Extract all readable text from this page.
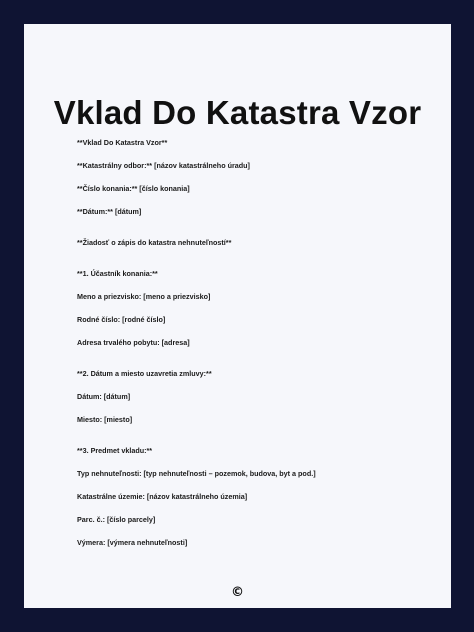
Vklad Do Katastra Vzor
**Vklad Do Katastra Vzor**
**Katastrálny odbor:** [názov katastrálneho úradu]
**Číslo konania:** [číslo konania]
**Dátum:** [dátum]
**Žiadosť o zápis do katastra nehnuteľností**
**1. Účastník konania:**
Meno a priezvisko: [meno a priezvisko]
Rodné číslo: [rodné číslo]
Adresa trvalého pobytu: [adresa]
**2. Dátum a miesto uzavretia zmluvy:**
Dátum: [dátum]
Miesto: [miesto]
**3. Predmet vkladu:**
Typ nehnuteľnosti: [typ nehnuteľnosti – pozemok, budova, byt a pod.]
Katastrálne územie: [názov katastrálneho územia]
Parc. č.: [číslo parcely]
Výmera: [výmera nehnuteľnosti]
©
